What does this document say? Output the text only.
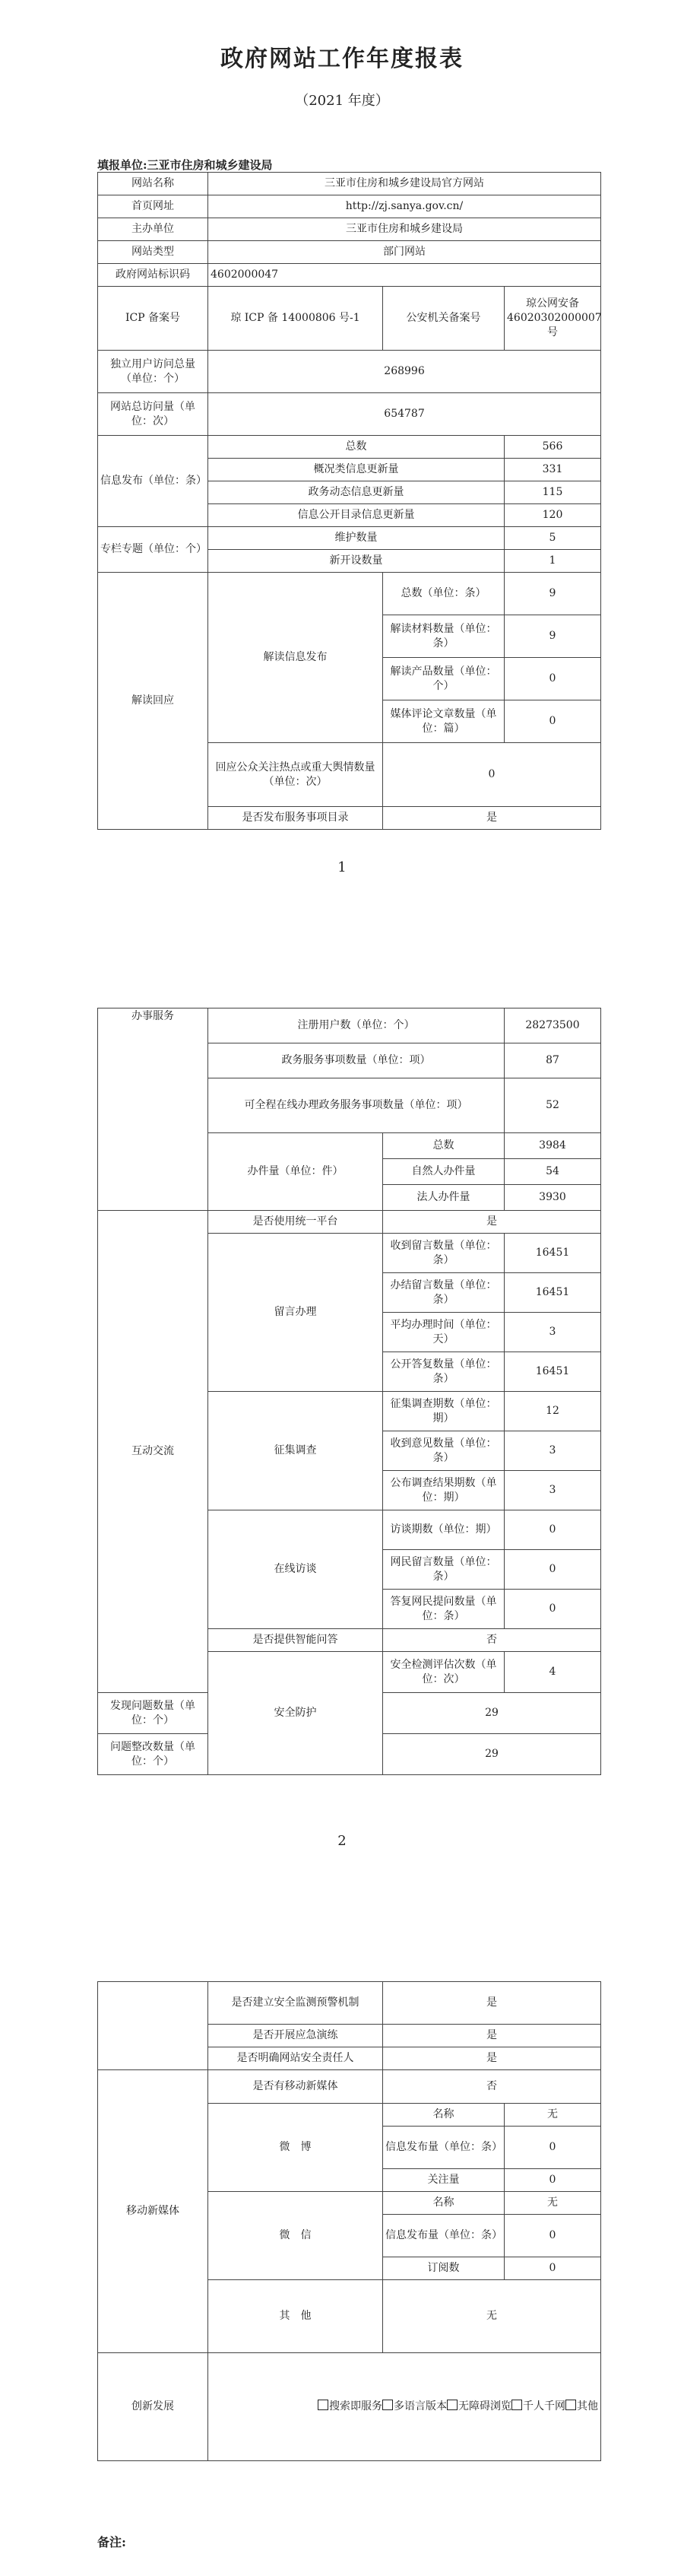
政府网站工作年度报表
（2021 年度）
填报单位:三亚市住房和城乡建设局
网站名称	三亚市住房和城乡建设局官方网站		
首页网址	http://zj.sanya.gov.cn/		
主办单位	三亚市住房和城乡建设局		
网站类型	部门网站		
政府网站标识码	4602000047		
ICP 备案号	琼 ICP 备 14000806 号-1	公安机关备案号	琼公网安备 46020302000007 号
独立用户访问总量（单位：个）	268996		
网站总访问量（单位：次）	654787		
信息发布（单位：条）	总数		566
	概况类信息更新量		331
	政务动态信息更新量		115
	信息公开目录信息更新量		120
专栏专题（单位：个）	维护数量		5
	新开设数量		1
解读回应	解读信息发布	总数（单位：条）	9
		解读材料数量（单位：条）	9
		解读产品数量（单位：个）	0
		媒体评论文章数量（单位：篇）	0
	回应公众关注热点或重大舆情数量（单位：次）	0	
	是否发布服务事项目录	是	
1
办事服务	注册用户数（单位：个）		28273500
	政务服务事项数量（单位：项）		87
	可全程在线办理政务服务事项数量（单位：项）		52
	办件量（单位：件）	总数	3984
		自然人办件量	54
		法人办件量	3930
互动交流	是否使用统一平台	是	
	留言办理	收到留言数量（单位：条）	16451
		办结留言数量（单位：条）	16451
		平均办理时间（单位：天）	3
		公开答复数量（单位：条）	16451
	征集调查	征集调查期数（单位：期）	12
		收到意见数量（单位：条）	3
		公布调查结果期数（单位：期）	3
	在线访谈	访谈期数（单位：期）	0
		网民留言数量（单位：条）	0
		答复网民提问数量（单位：条）	0
	是否提供智能问答	否	
	安全防护	安全检测评估次数（单位：次）	4
发现问题数量（单位：个）		29	
问题整改数量（单位：个）		29	
2
	是否建立安全监测预警机制	是	
	是否开展应急演练	是	
	是否明确网站安全责任人	是	
移动新媒体	是否有移动新媒体	否	
	微　博	名称	无
		信息发布量（单位：条）	0
		关注量	0
	微　信	名称	无
		信息发布量（单位：条）	0
		订阅数	0
	其　他	无	
创新发展	搜索即服务 多语言版本 无障碍浏览 千人千网 其他		
备注:
